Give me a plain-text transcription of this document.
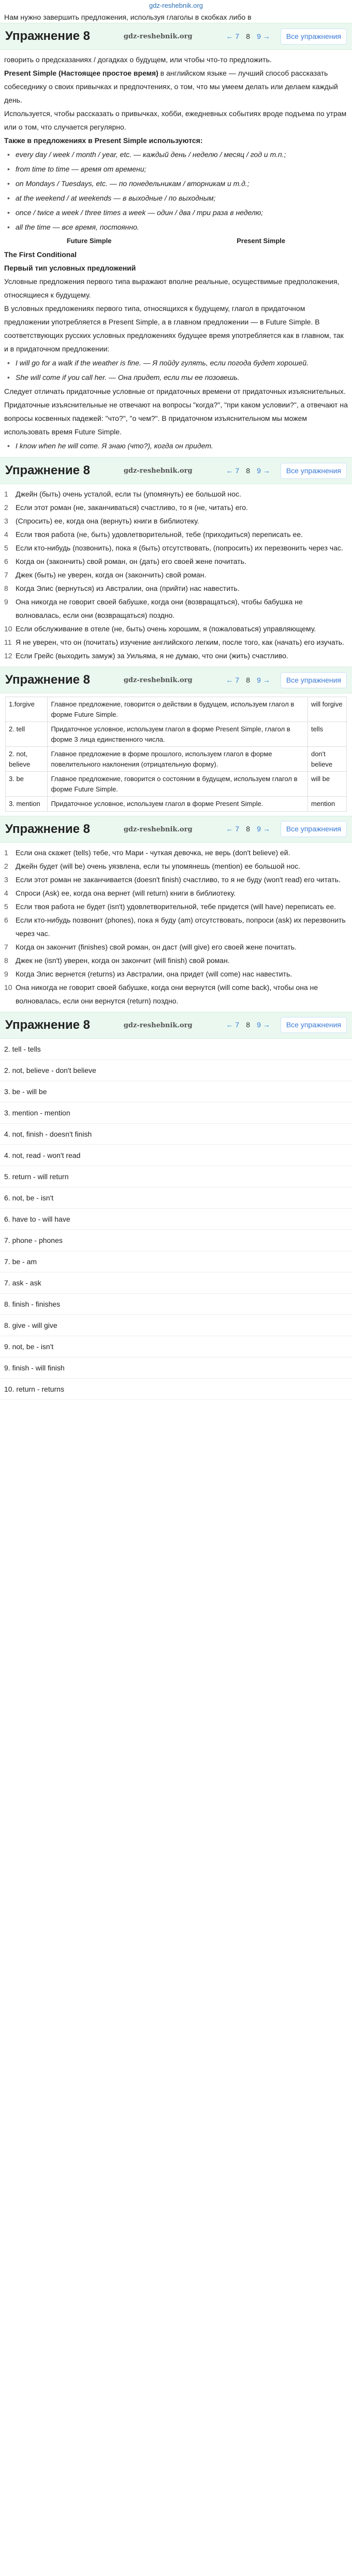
gdz-reshebnik.org
Нам нужно завершить предложения, используя глаголы в скобках либо в
Упражнение 8	gdz-reshebnik.org	← 7 8 9 →	Все упражнения
говорить о предсказаниях / догадках о будущем, или чтобы что-то предложить.
Present Simple (Настоящее простое время) в английском языке — лучший способ рассказать собеседнику о своих привычках и предпочтениях, о том, что мы умеем делать или делаем каждый день.
Используется, чтобы рассказать о привычках, хобби, ежедневных событиях вроде подъема по утрам или о том, что случается регулярно.
Также в предложениях в Present Simple используются:
• every day / week / month / year, etc. — каждый день / неделю / месяц / год и т.п.;
• from time to time — время от времени;
• on Mondays / Tuesdays, etc. — по понедельникам / вторникам и т.д.;
• at the weekend / at weekends — в выходные / по выходным;
• once / twice a week / three times a week — один / два / три раза в неделю;
• all the time — все время, постоянно.
Future Simple	Present Simple
The First Conditional
Первый тип условных предложений
Условные предложения первого типа выражают вполне реальные, осуществимые предположения, относящиеся к будущему.
В условных предложениях первого типа, относящихся к будущему, глагол в придаточном предложении употребляется в Present Simple, а в главном предложении — в Future Simple. В соответствующих русских условных предложениях будущее время употребляется как в главном, так и в придаточном предложении:
• I will go for a walk if the weather is fine. — Я пойду гулять, если погода будет хорошей.
• She will come if you call her. — Она придет, если ты ее позовешь.
Следует отличать придаточные условные от придаточных времени от придаточных изъяснительных. Придаточные изъяснительные не отвечают на вопросы "когда?", "при каком условии?", а отвечают на вопросы косвенных падежей: "что?", "о чем?". В придаточном изъяснительном мы можем использовать время Future Simple.
• I know when he will come. Я знаю (что?), когда он придет.
Упражнение 8	gdz-reshebnik.org	← 7 8 9 →	Все упражнения
1	Джейн (быть) очень усталой, если ты (упомянуть) ее большой нос.
2	Если этот роман (не, заканчиваться) счастливо, то я (не, читать) его.
3	(Спросить) ее, когда она (вернуть) книги в библиотеку.
4	Если твоя работа (не, быть) удовлетворительной, тебе (приходиться) переписать ее.
5	Если кто-нибудь (позвонить), пока я (быть) отсутствовать, (попросить) их перезвонить через час.
6	Когда он (закончить) свой роман, он (дать) его своей жене почитать.
7	Джек (быть) не уверен, когда он (закончить) свой роман.
8	Когда Элис (вернуться) из Австралии, она (прийти) нас навестить.
9	Она никогда не говорит своей бабушке, когда они (возвращаться), чтобы бабушка не волновалась, если они (возвращаться) поздно.
10 Если обслуживание в отеле (не, быть) очень хорошим, я (пожаловаться) управляющему.
11 Я не уверен, что он (почитать) изучение английского легким, после того, как (начать) его изучать.
12 Если Грейс (выходить замуж) за Уильяма, я не думаю, что они (жить) счастливо.
Упражнение 8	gdz-reshebnik.org	← 7 8 9 →	Все упражнения
1.forgive	Главное предложение, говорится о действии в будущем, используем глагол в форме Future Simple.	will forgive
2. tell	Придаточное условное, используем глагол в форме Present Simple, глагол в форме 3 лица единственного числа.	tells
2. not, believe	Главное предложение в форме прошлого, используем глагол в форме повелительного наклонения (отрицательную форму).	don't believe
3. be	Главное предложение, говорится о состоянии в будущем, используем глагол в форме Future Simple.	will be
3. mention	Придаточное условное, используем глагол в форме Present Simple.	mention
Упражнение 8	gdz-reshebnik.org	← 7 8 9 →	Все упражнения
1	Если она скажет (tells) тебе, что Мари - чуткая девочка, не верь (don't believe) ей.
2	Джейн будет (will be) очень уязвлена, если ты упомянешь (mention) ее большой нос.
3	Если этот роман не заканчивается (doesn't finish) счастливо, то я не буду (won't read) его читать.
4	Спроси (Ask) ее, когда она вернет (will return) книги в библиотеку.
5	Если твоя работа не будет (isn't) удовлетворительной, тебе придется (will have) переписать ее.
6	Если кто-нибудь позвонит (phones), пока я буду (am) отсутствовать, попроси (ask) их перезвонить через час.
7	Когда он закончит (finishes) свой роман, он даст (will give) его своей жене почитать.
8	Джек не (isn't) уверен, когда он закончит (will finish) свой роман.
9	Когда Элис вернется (returns) из Австралии, она придет (will come) нас навестить.
10 Она никогда не говорит своей бабушке, когда они вернутся (will come back), чтобы она не волновалась, если они вернутся (return) поздно.
Упражнение 8	gdz-reshebnik.org	← 7 8 9 →	Все упражнения
2. tell - tells
2. not, believe - don't believe
3. be - will be
3. mention - mention
4. not, finish - doesn't finish
4. not, read - won't read
5. return - will return
6. not, be - isn't
6. have to - will have
7. phone - phones
7. be - am
7. ask - ask
8. finish - finishes
8. give - will give
9. not, be - isn't
9. finish - will finish
10. return - returns
